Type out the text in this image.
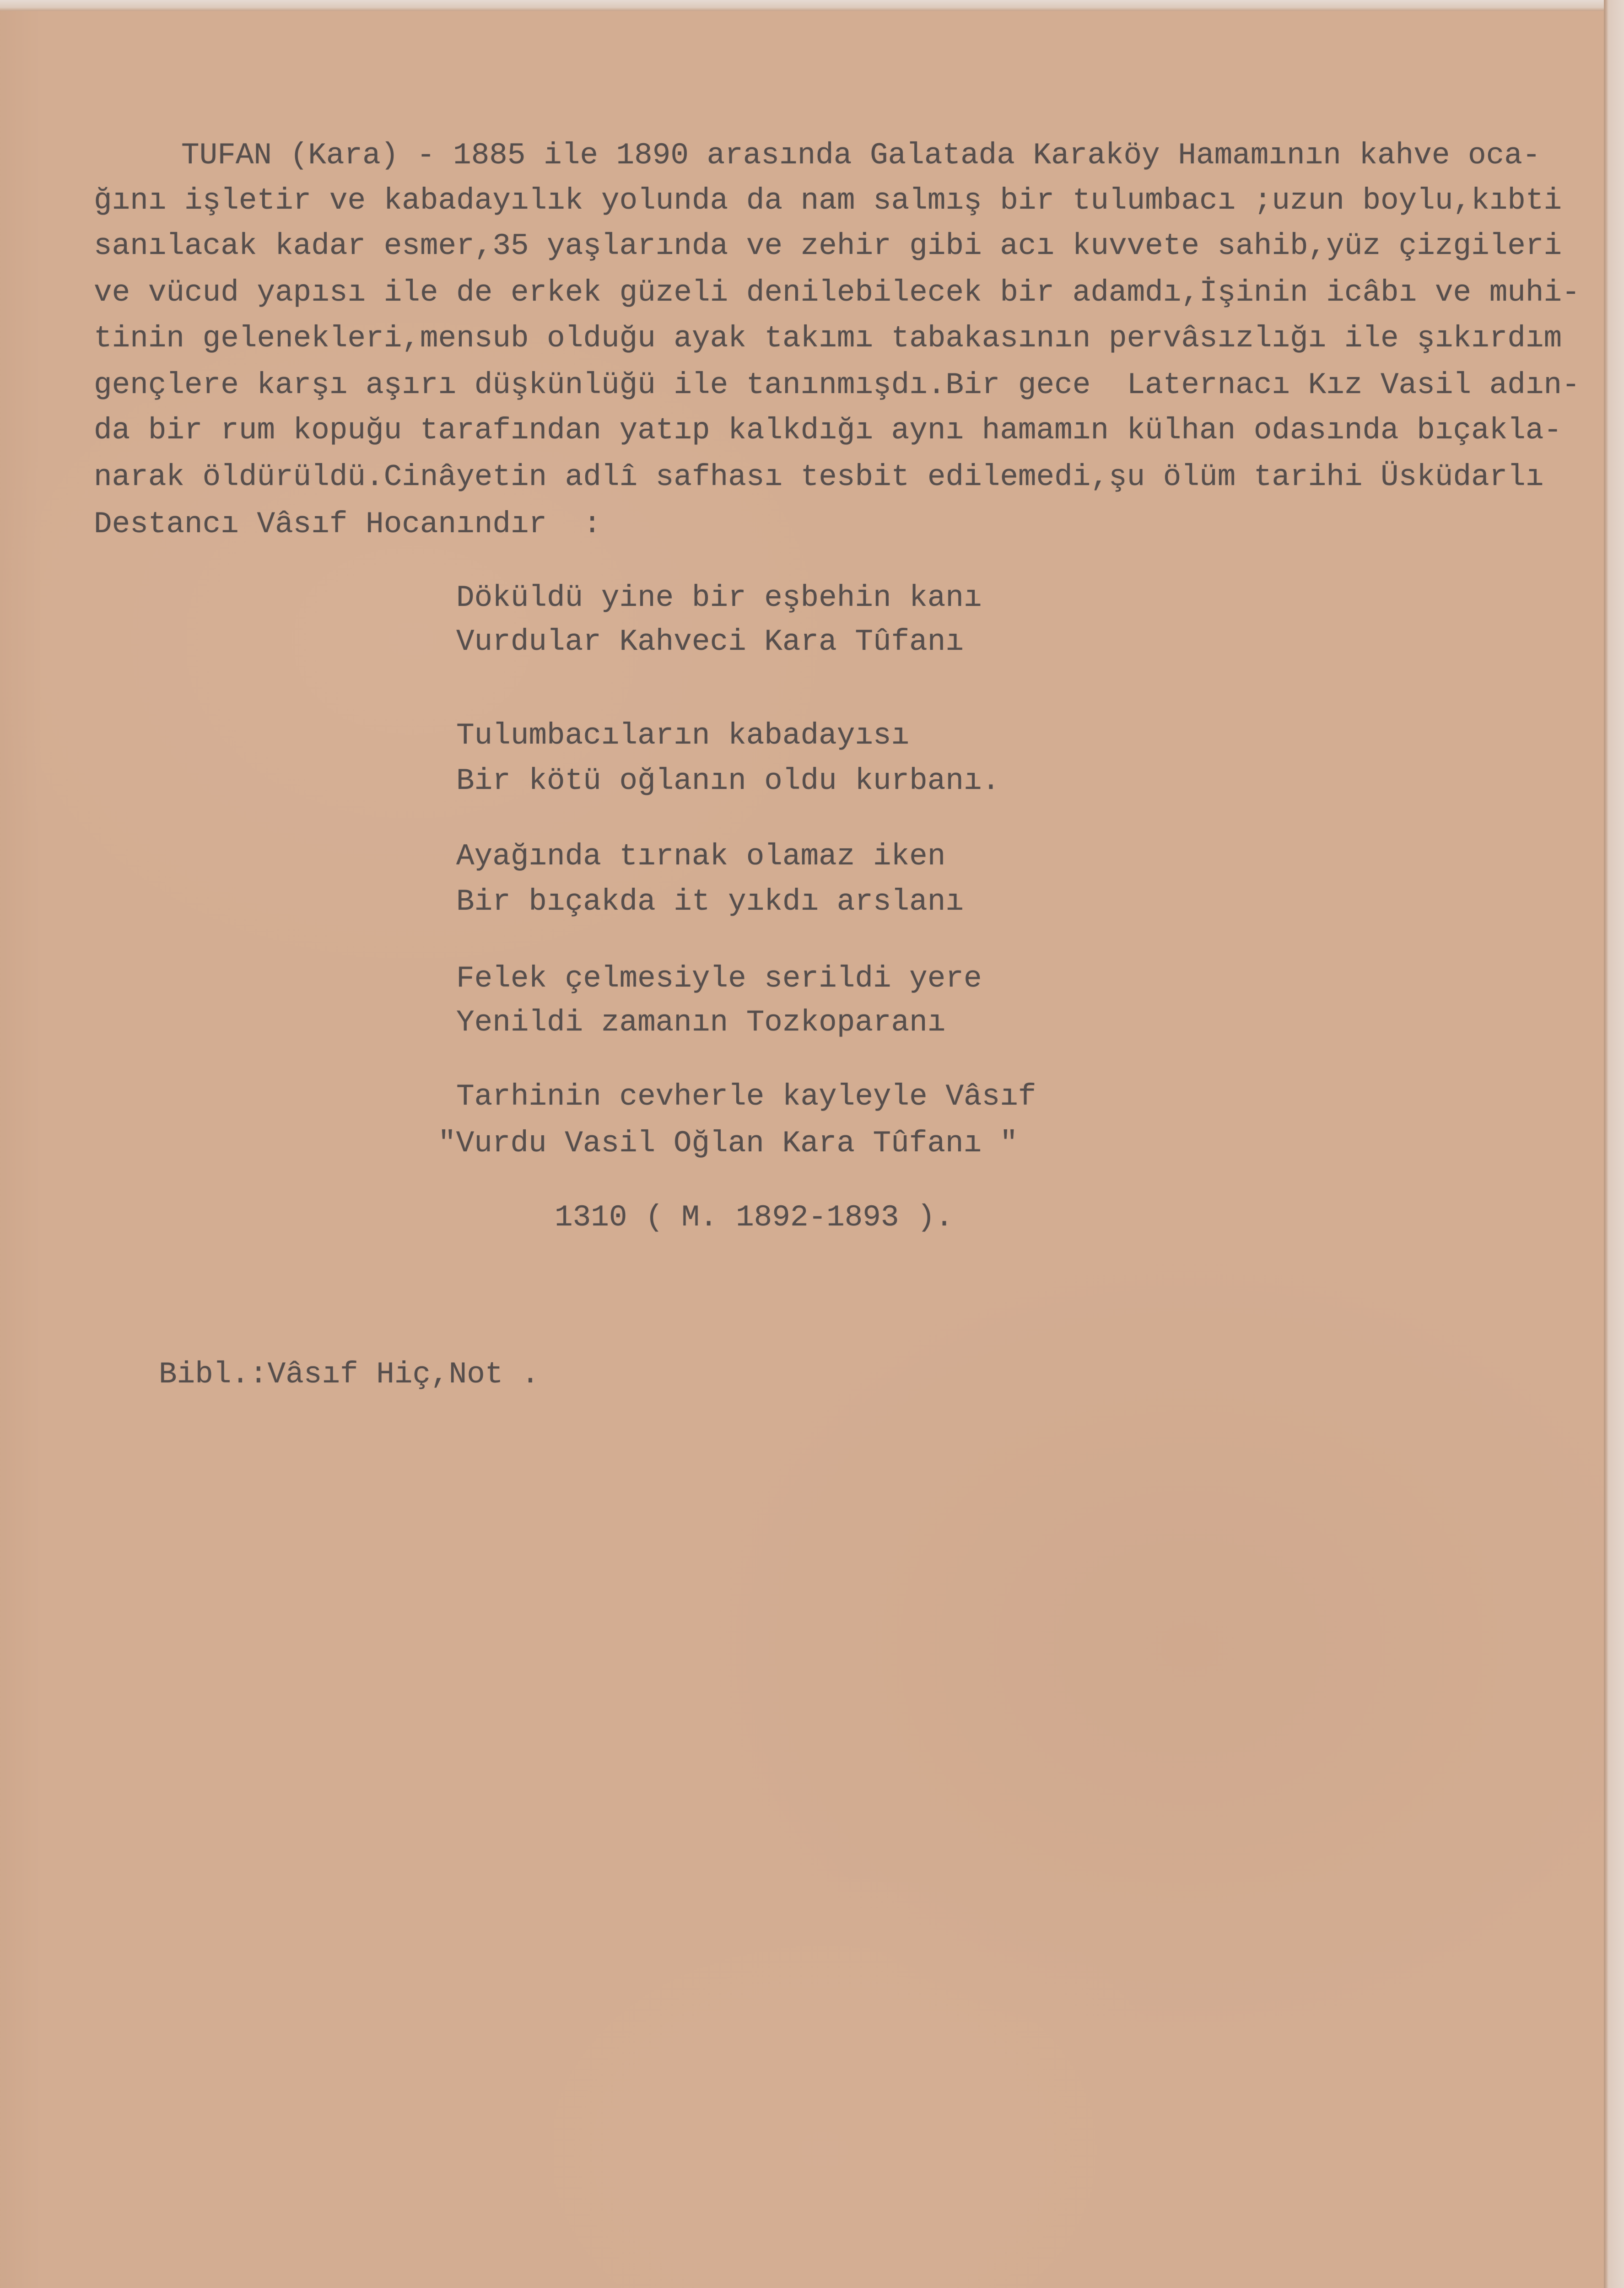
TUFAN (Kara) - 1885 ile 1890 arasında Galatada Karaköy Hamamının kahve oca-
ğını işletir ve kabadayılık yolunda da nam salmış bir tulumbacı ;uzun boylu,kıbti
sanılacak kadar esmer,35 yaşlarında ve zehir gibi acı kuvvete sahib,yüz çizgileri
ve vücud yapısı ile de erkek güzeli denilebilecek bir adamdı,İşinin icâbı ve muhi-
tinin gelenekleri,mensub olduğu ayak takımı tabakasının pervâsızlığı ile şıkırdım
gençlere karşı aşırı düşkünlüğü ile tanınmışdı.Bir gece  Laternacı Kız Vasil adın-
da bir rum kopuğu tarafından yatıp kalkdığı aynı hamamın külhan odasında bıçakla-
narak öldürüldü.Cinâyetin adlî safhası tesbit edilemedi,şu ölüm tarihi Üsküdarlı
Destancı Vâsıf Hocanındır  :
Döküldü yine bir eşbehin kanı
Vurdular Kahveci Kara Tûfanı
Tulumbacıların kabadayısı
Bir kötü oğlanın oldu kurbanı.
Ayağında tırnak olamaz iken
Bir bıçakda it yıkdı arslanı
Felek çelmesiyle serildi yere
Yenildi zamanın Tozkoparanı
Tarhinin cevherle kayleyle Vâsıf
"Vurdu Vasil Oğlan Kara Tûfanı "
1310 ( M. 1892-1893 ).
Bibl.:Vâsıf Hiç,Not .
